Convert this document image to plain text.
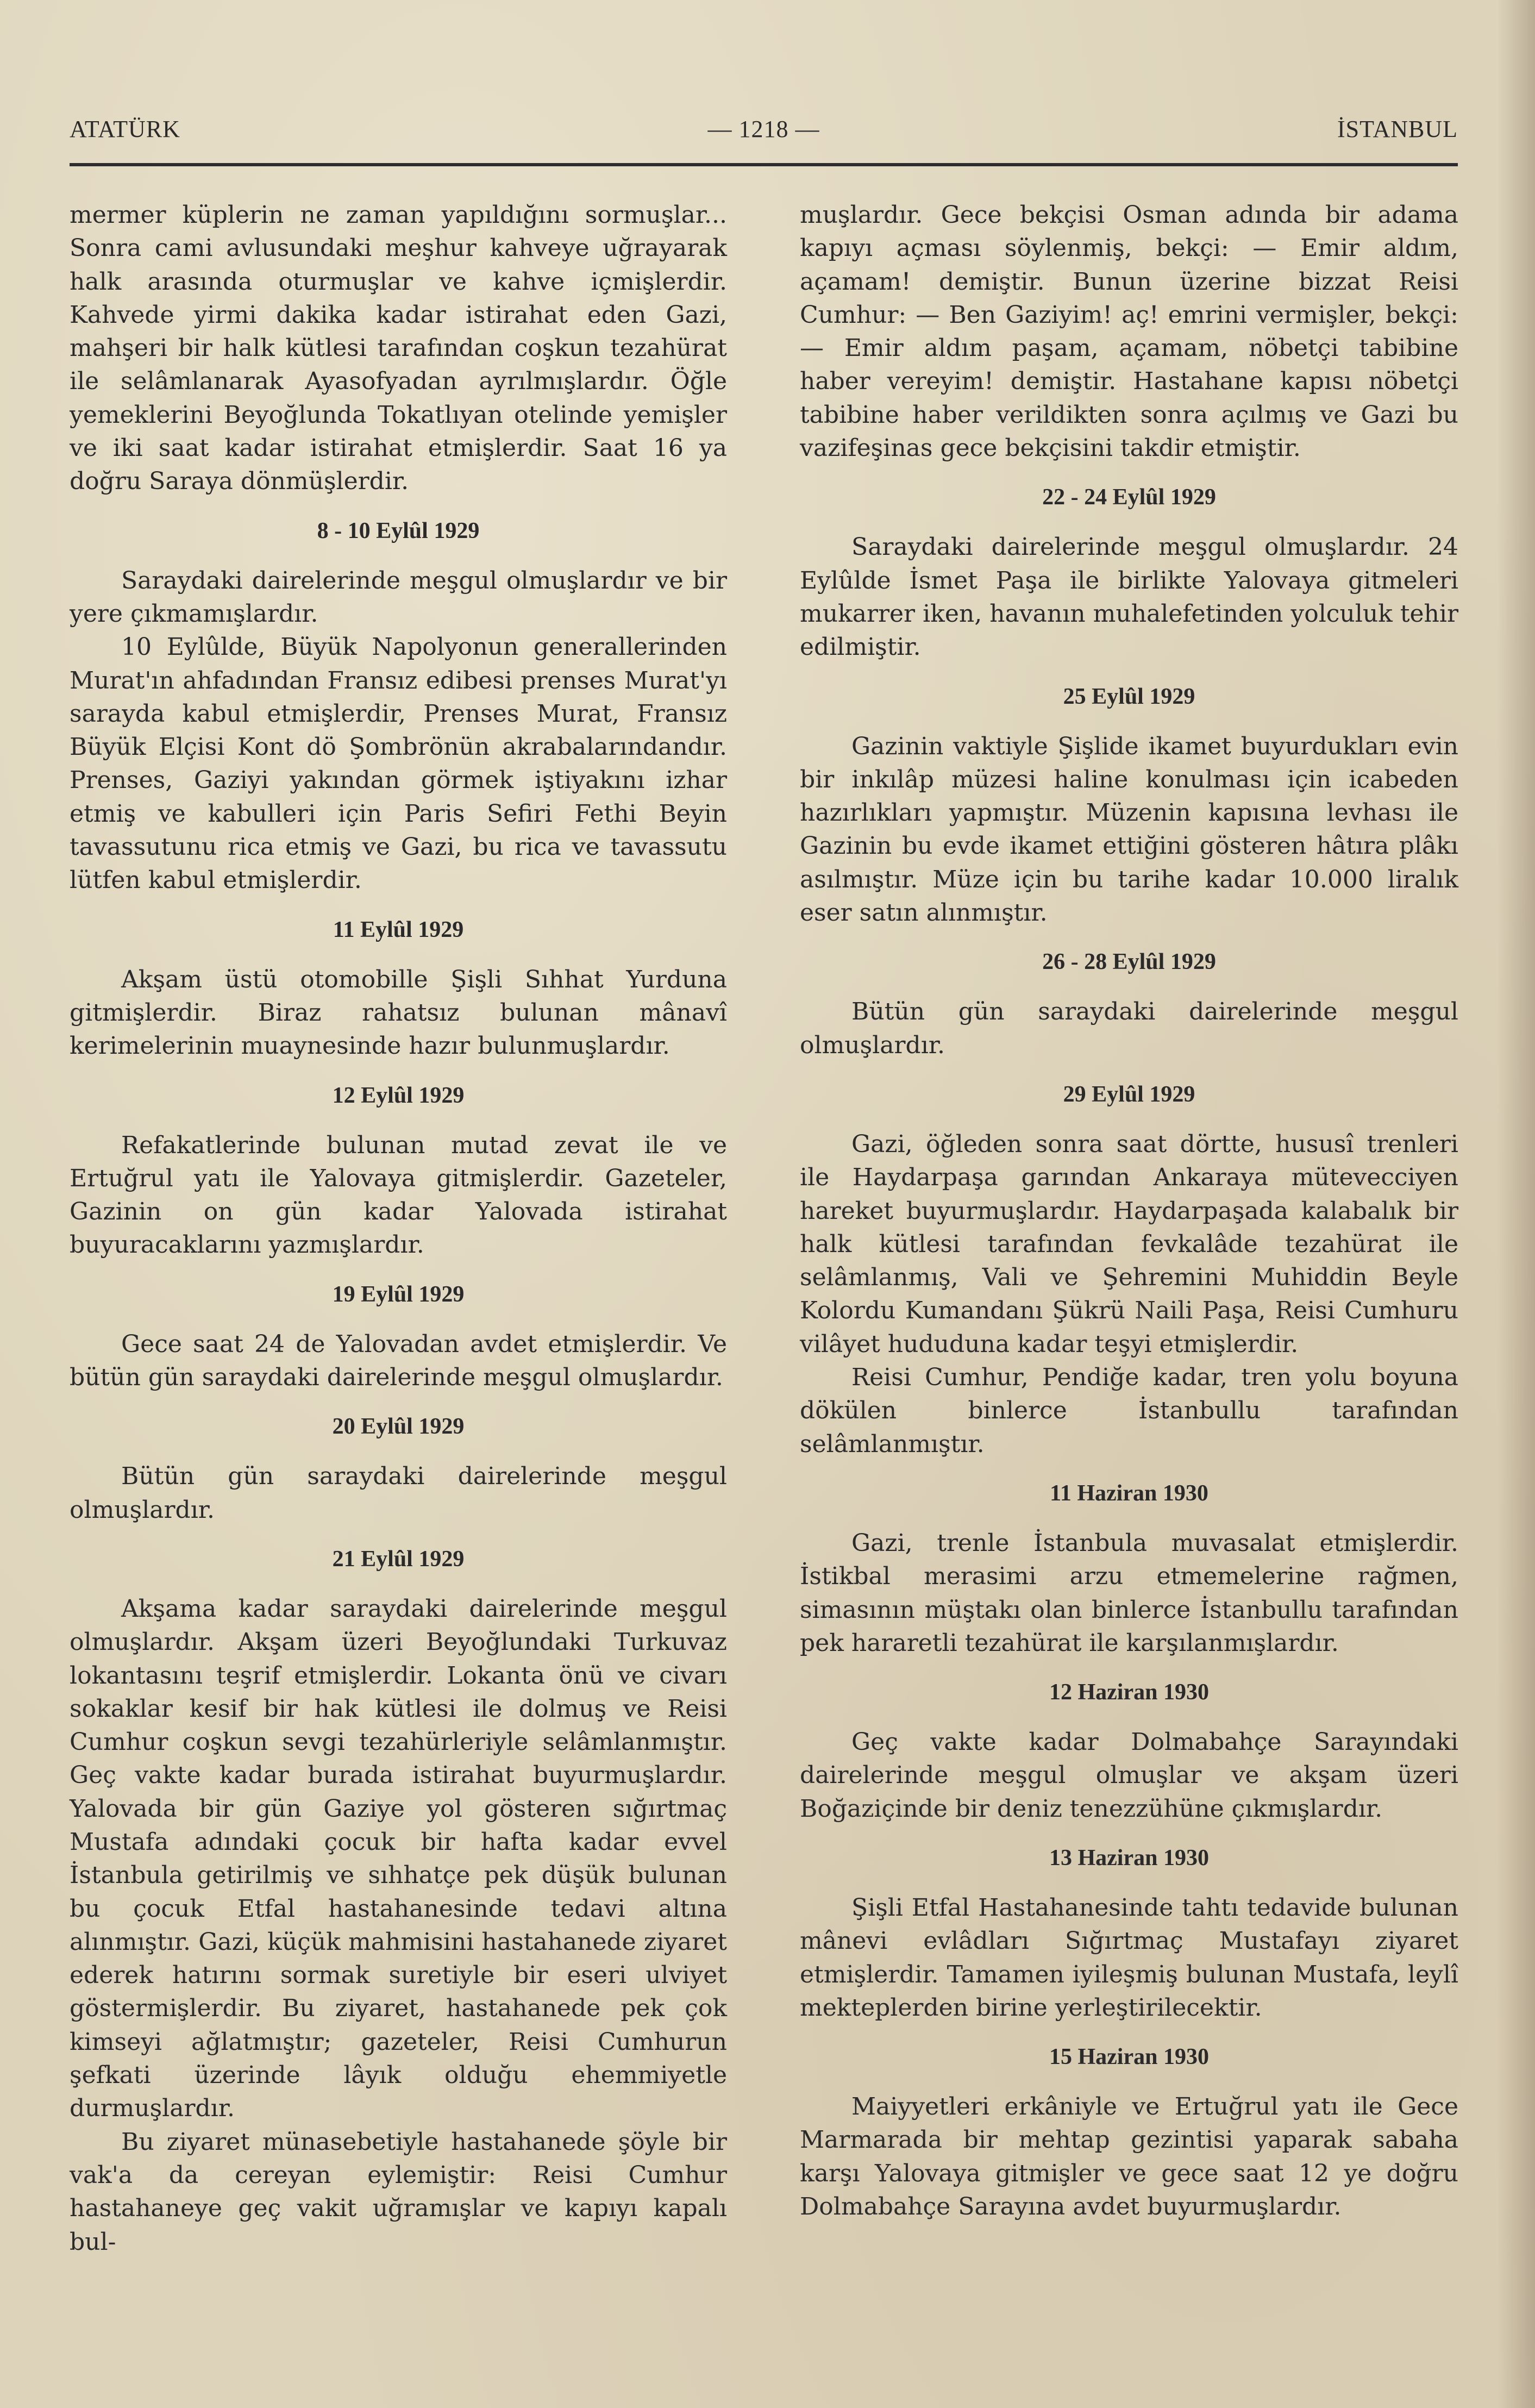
ATATÜRK	— 1218 —	İSTANBUL

mermer küplerin ne zaman yapıldığını sormuşlar... Sonra cami avlusundaki meşhur kahveye uğrayarak halk arasında oturmuşlar ve kahve içmişlerdir. Kahvede yirmi dakika kadar istirahat eden Gazi, mahşeri bir halk kütlesi tarafından coşkun tezahürat ile selâmlanarak Ayasofyadan ayrılmışlardır. Öğle yemeklerini Beyoğlunda Tokatlıyan otelinde yemişler ve iki saat kadar istirahat etmişlerdir. Saat 16 ya doğru Saraya dönmüşlerdir.

8 - 10 Eylûl 1929

Saraydaki dairelerinde meşgul olmuşlardır ve bir yere çıkmamışlardır.

10 Eylûlde, Büyük Napolyonun generallerinden Murat'ın ahfadından Fransız edibesi prenses Murat'yı sarayda kabul etmişlerdir, Prenses Murat, Fransız Büyük Elçisi Kont dö Şombrönün akrabalarındandır. Prenses, Gaziyi yakından görmek iştiyakını izhar etmiş ve kabulleri için Paris Sefiri Fethi Beyin tavassutunu rica etmiş ve Gazi, bu rica ve tavassutu lütfen kabul etmişlerdir.

11 Eylûl 1929

Akşam üstü otomobille Şişli Sıhhat Yurduna gitmişlerdir. Biraz rahatsız bulunan mânavî kerimelerinin muaynesinde hazır bulunmuşlardır.

12 Eylûl 1929

Refakatlerinde bulunan mutad zevat ile ve Ertuğrul yatı ile Yalovaya gitmişlerdir. Gazeteler, Gazinin on gün kadar Yalovada istirahat buyuracaklarını yazmışlardır.

19 Eylûl 1929

Gece saat 24 de Yalovadan avdet etmişlerdir. Ve bütün gün saraydaki dairelerinde meşgul olmuşlardır.

20 Eylûl 1929

Bütün gün saraydaki dairelerinde meşgul olmuşlardır.

21 Eylûl 1929

Akşama kadar saraydaki dairelerinde meşgul olmuşlardır. Akşam üzeri Beyoğlundaki Turkuvaz lokantasını teşrif etmişlerdir. Lokanta önü ve civarı sokaklar kesif bir hak kütlesi ile dolmuş ve Reisi Cumhur coşkun sevgi tezahürleriyle selâmlanmıştır. Geç vakte kadar burada istirahat buyurmuşlardır. Yalovada bir gün Gaziye yol gösteren sığırtmaç Mustafa adındaki çocuk bir hafta kadar evvel İstanbula getirilmiş ve sıhhatçe pek düşük bulunan bu çocuk Etfal hastahanesinde tedavi altına alınmıştır. Gazi, küçük mahmisini hastahanede ziyaret ederek hatırını sormak suretiyle bir eseri ulviyet göstermişlerdir. Bu ziyaret, hastahanede pek çok kimseyi ağlatmıştır; gazeteler, Reisi Cumhurun şefkati üzerinde lâyık olduğu ehemmiyetle durmuşlardır.

Bu ziyaret münasebetiyle hastahanede şöyle bir vak'a da cereyan eylemiştir: Reisi Cumhur hastahaneye geç vakit uğramışlar ve kapıyı kapalı bul-

muşlardır. Gece bekçisi Osman adında bir adama kapıyı açması söylenmiş, bekçi: — Emir aldım, açamam! demiştir. Bunun üzerine bizzat Reisi Cumhur: — Ben Gaziyim! aç! emrini vermişler, bekçi: — Emir aldım paşam, açamam, nöbetçi tabibine haber vereyim! demiştir. Hastahane kapısı nöbetçi tabibine haber verildikten sonra açılmış ve Gazi bu vazifeşinas gece bekçisini takdir etmiştir.

22 - 24 Eylûl 1929

Saraydaki dairelerinde meşgul olmuşlardır. 24 Eylûlde İsmet Paşa ile birlikte Yalovaya gitmeleri mukarrer iken, havanın muhalefetinden yolculuk tehir edilmiştir.

25 Eylûl 1929

Gazinin vaktiyle Şişlide ikamet buyurdukları evin bir inkılâp müzesi haline konulması için icabeden hazırlıkları yapmıştır. Müzenin kapısına levhası ile Gazinin bu evde ikamet ettiğini gösteren hâtıra plâkı asılmıştır. Müze için bu tarihe kadar 10.000 liralık eser satın alınmıştır.

26 - 28 Eylûl 1929

Bütün gün saraydaki dairelerinde meşgul olmuşlardır.

29 Eylûl 1929

Gazi, öğleden sonra saat dörtte, hususî trenleri ile Haydarpaşa garından Ankaraya mütevecciyen hareket buyurmuşlardır. Haydarpaşada kalabalık bir halk kütlesi tarafından fevkalâde tezahürat ile selâmlanmış, Vali ve Şehremini Muhiddin Beyle Kolordu Kumandanı Şükrü Naili Paşa, Reisi Cumhuru vilâyet hududuna kadar teşyi etmişlerdir.

Reisi Cumhur, Pendiğe kadar, tren yolu boyuna dökülen binlerce İstanbullu tarafından selâmlanmıştır.

11 Haziran 1930

Gazi, trenle İstanbula muvasalat etmişlerdir. İstikbal merasimi arzu etmemelerine rağmen, simasının müştakı olan binlerce İstanbullu tarafından pek hararetli tezahürat ile karşılanmışlardır.

12 Haziran 1930

Geç vakte kadar Dolmabahçe Sarayındaki dairelerinde meşgul olmuşlar ve akşam üzeri Boğaziçinde bir deniz tenezzühüne çıkmışlardır.

13 Haziran 1930

Şişli Etfal Hastahanesinde tahtı tedavide bulunan mânevi evlâdları Sığırtmaç Mustafayı ziyaret etmişlerdir. Tamamen iyileşmiş bulunan Mustafa, leylî mekteplerden birine yerleştirilecektir.

15 Haziran 1930

Maiyyetleri erkâniyle ve Ertuğrul yatı ile Gece Marmarada bir mehtap gezintisi yaparak sabaha karşı Yalovaya gitmişler ve gece saat 12 ye doğru Dolmabahçe Sarayına avdet buyurmuşlardır.
